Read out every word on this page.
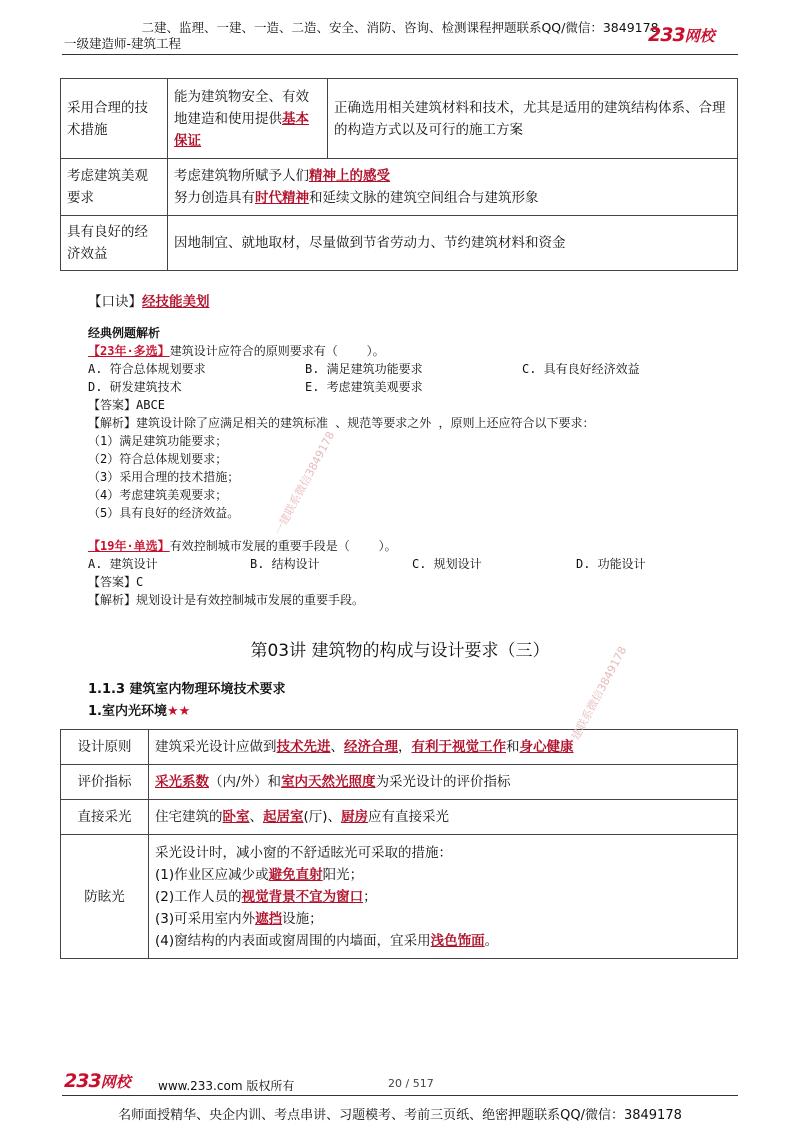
二建、监理、一建、一造、二造、安全、消防、咨询、检测课程押题联系QQ/微信：3849178
一级建造师-建筑工程	233网校
采用合理的技术措施	能为建筑物安全、有效地建造和使用提供基本保证	正确选用相关建筑材料和技术，尤其是适用的建筑结构体系、合理的构造方式以及可行的施工方案
考虑建筑美观要求	考虑建筑物所赋予人们精神上的感受
努力创造具有时代精神和延续文脉的建筑空间组合与建筑形象	

具有良好的经济效益	因地制宜、就地取材，尽量做到节省劳动力、节约建筑材料和资金	
【口诀】经技能美划
经典例题解析
【23年·多选】建筑设计应符合的原则要求有（    ）。
A. 符合总体规划要求	B. 满足建筑功能要求	C. 具有良好经济效益
D. 研发建筑技术	E. 考虑建筑美观要求
【答案】ABCE
【解析】建筑设计除了应满足相关的建筑标准 、规范等要求之外 ，原则上还应符合以下要求：
（1）满足建筑功能要求；
（2）符合总体规划要求；
（3）采用合理的技术措施；
（4）考虑建筑美观要求；
（5）具有良好的经济效益。
【19年·单选】有效控制城市发展的重要手段是（    ）。
A. 建筑设计	B. 结构设计	C. 规划设计	D. 功能设计
【答案】C
【解析】规划设计是有效控制城市发展的重要手段。
第03讲 建筑物的构成与设计要求（三）
1.1.3 建筑室内物理环境技术要求
1.室内光环境★★
设计原则	建筑采光设计应做到技术先进、经济合理，有利于视觉工作和身心健康
评价指标	采光系数（内/外）和室内天然光照度为采光设计的评价指标
直接采光	住宅建筑的卧室、起居室(厅)、厨房应有直接采光
防眩光	采光设计时，减小窗的不舒适眩光可采取的措施：
(1)作业区应减少或避免直射阳光；
(2)工作人员的视觉背景不宜为窗口；
(3)可采用室内外遮挡设施；
(4)窗结构的内表面或窗周围的内墙面，宜采用浅色饰面。
一建联系微信3849178
一建联系微信3849178
233网校 www.233.com 版权所有	20 / 517
名师面授精华、央企内训、考点串讲、习题模考、考前三页纸、绝密押题联系QQ/微信：3849178
